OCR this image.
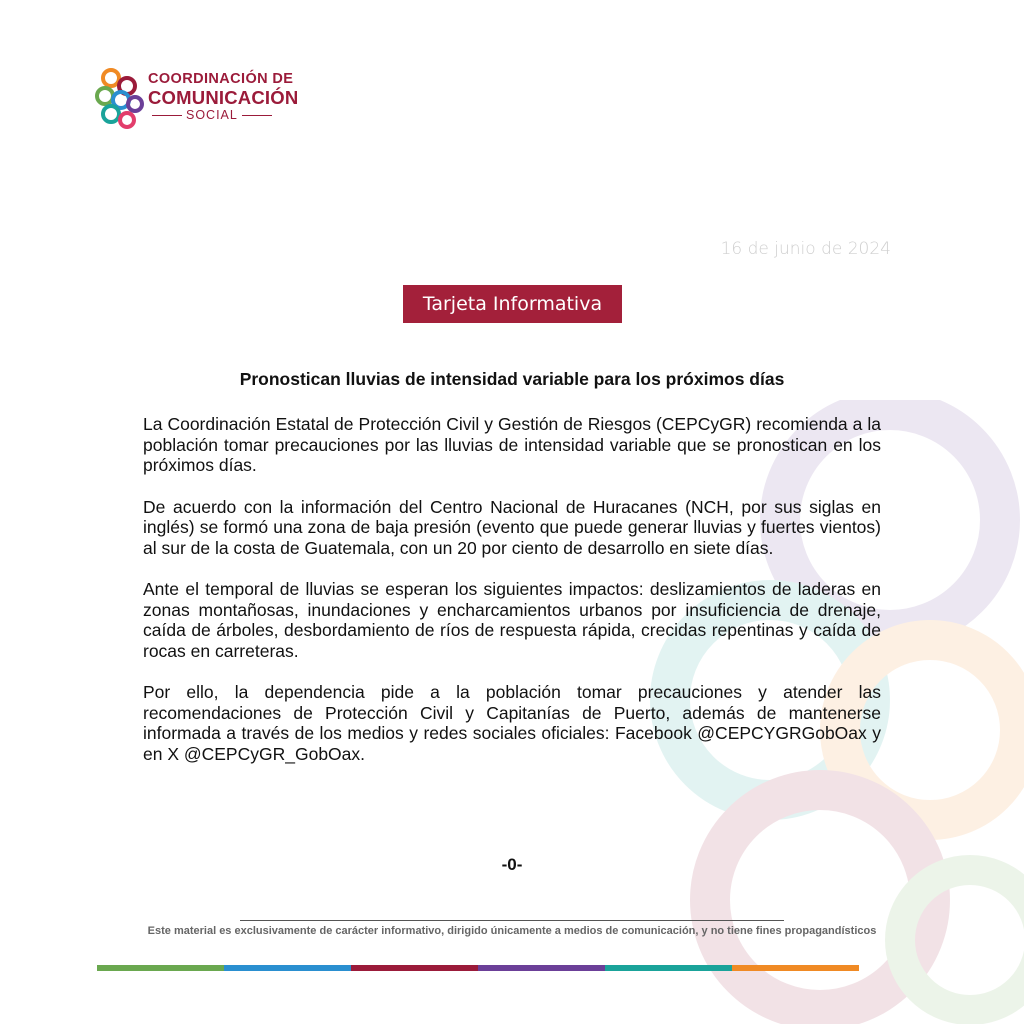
COORDINACIÓN DE
COMUNICACIÓN
SOCIAL
16 de junio de 2024
Tarjeta Informativa
Pronostican lluvias de intensidad variable para los próximos días

La Coordinación Estatal de Protección Civil y Gestión de Riesgos (CEPCyGR) recomienda a la población tomar precauciones por las lluvias de intensidad variable que se pronostican en los próximos días.

De acuerdo con la información del Centro Nacional de Huracanes (NCH, por sus siglas en inglés) se formó una zona de baja presión (evento que puede generar lluvias y fuertes vientos) al sur de la costa de Guatemala, con un 20 por ciento de desarrollo en siete días.

Ante el temporal de lluvias se esperan los siguientes impactos: deslizamientos de laderas en zonas montañosas, inundaciones y encharcamientos urbanos por insuficiencia de drenaje, caída de árboles, desbordamiento de ríos de respuesta rápida, crecidas repentinas y caída de rocas en carreteras.

Por ello, la dependencia pide a la población tomar precauciones y atender las recomendaciones de Protección Civil y Capitanías de Puerto, además de mantenerse informada a través de los medios y redes sociales oficiales: Facebook @CEPCYGRGobOax y en X @CEPCyGR_GobOax.

-0-
Este material es exclusivamente de carácter informativo, dirigido únicamente a medios de comunicación, y no tiene fines propagandísticos
